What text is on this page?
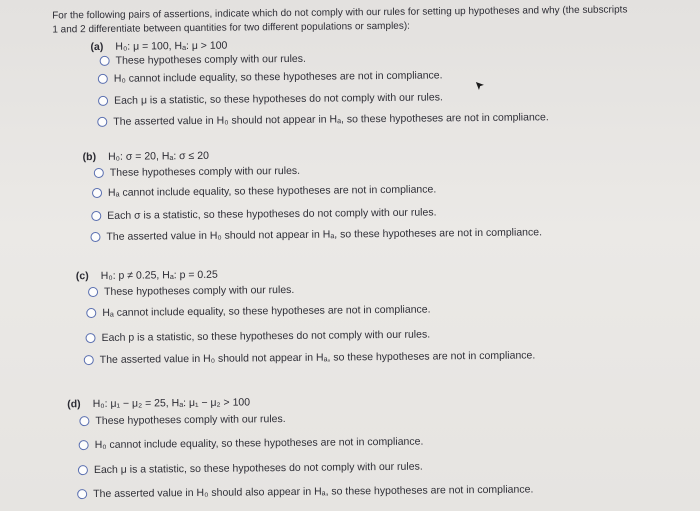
For the following pairs of assertions, indicate which do not comply with our rules for setting up hypotheses and why (the subscripts
1 and 2 differentiate between quantities for two different populations or samples):
(a) H₀: μ = 100, Hₐ: μ > 100
These hypotheses comply with our rules.
H₀ cannot include equality, so these hypotheses are not in compliance.
Each μ is a statistic, so these hypotheses do not comply with our rules.
The asserted value in H₀ should not appear in Hₐ, so these hypotheses are not in compliance.
(b) H₀: σ = 20, Hₐ: σ ≤ 20
These hypotheses comply with our rules.
Hₐ cannot include equality, so these hypotheses are not in compliance.
Each σ is a statistic, so these hypotheses do not comply with our rules.
The asserted value in H₀ should not appear in Hₐ, so these hypotheses are not in compliance.
(c) H₀: p ≠ 0.25, Hₐ: p = 0.25
These hypotheses comply with our rules.
Hₐ cannot include equality, so these hypotheses are not in compliance.
Each p is a statistic, so these hypotheses do not comply with our rules.
The asserted value in H₀ should not appear in Hₐ, so these hypotheses are not in compliance.
(d) H₀: μ₁ − μ₂ = 25, Hₐ: μ₁ − μ₂ > 100
These hypotheses comply with our rules.
H₀ cannot include equality, so these hypotheses are not in compliance.
Each μ is a statistic, so these hypotheses do not comply with our rules.
The asserted value in H₀ should also appear in Hₐ, so these hypotheses are not in compliance.
